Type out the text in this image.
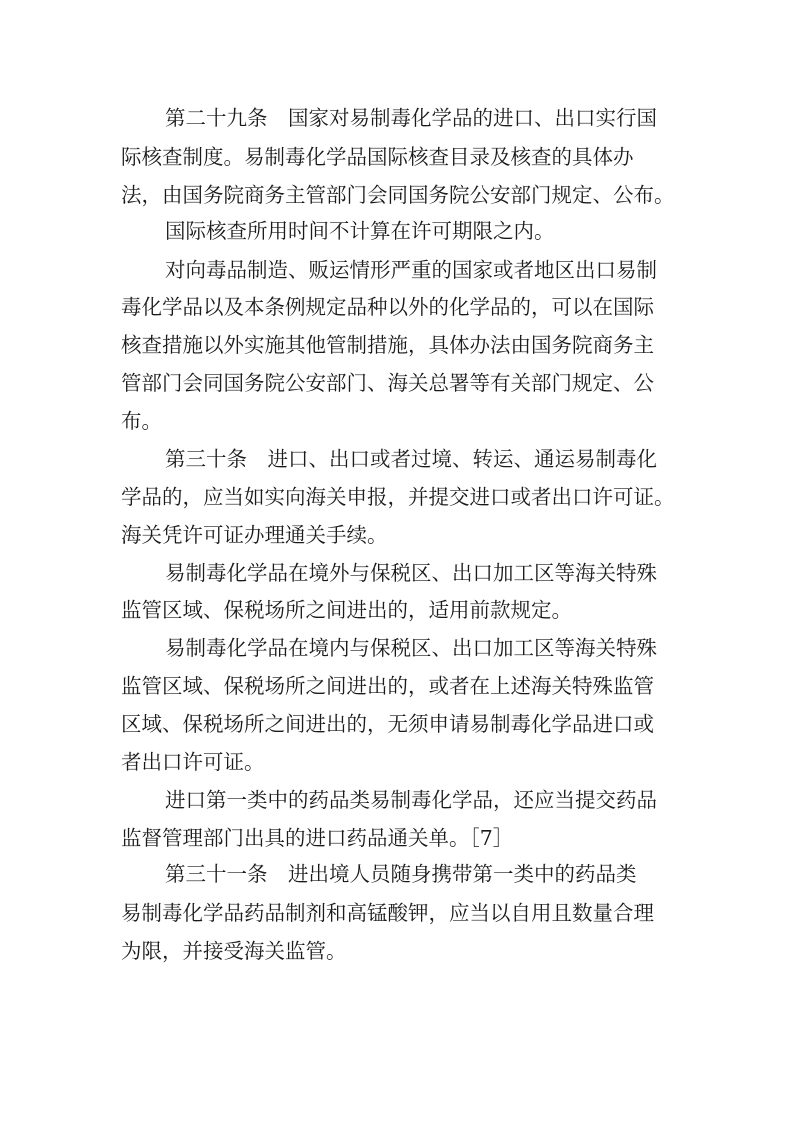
第二十九条　国家对易制毒化学品的进口、出口实行国
际核查制度。易制毒化学品国际核查目录及核查的具体办
法，由国务院商务主管部门会同国务院公安部门规定、公布。
国际核查所用时间不计算在许可期限之内。
对向毒品制造、贩运情形严重的国家或者地区出口易制
毒化学品以及本条例规定品种以外的化学品的，可以在国际
核查措施以外实施其他管制措施，具体办法由国务院商务主
管部门会同国务院公安部门、海关总署等有关部门规定、公
布。
第三十条　进口、出口或者过境、转运、通运易制毒化
学品的，应当如实向海关申报，并提交进口或者出口许可证。
海关凭许可证办理通关手续。
易制毒化学品在境外与保税区、出口加工区等海关特殊
监管区域、保税场所之间进出的，适用前款规定。
易制毒化学品在境内与保税区、出口加工区等海关特殊
监管区域、保税场所之间进出的，或者在上述海关特殊监管
区域、保税场所之间进出的，无须申请易制毒化学品进口或
者出口许可证。
进口第一类中的药品类易制毒化学品，还应当提交药品
监督管理部门出具的进口药品通关单。［7］
第三十一条　进出境人员随身携带第一类中的药品类
易制毒化学品药品制剂和高锰酸钾，应当以自用且数量合理
为限，并接受海关监管。
